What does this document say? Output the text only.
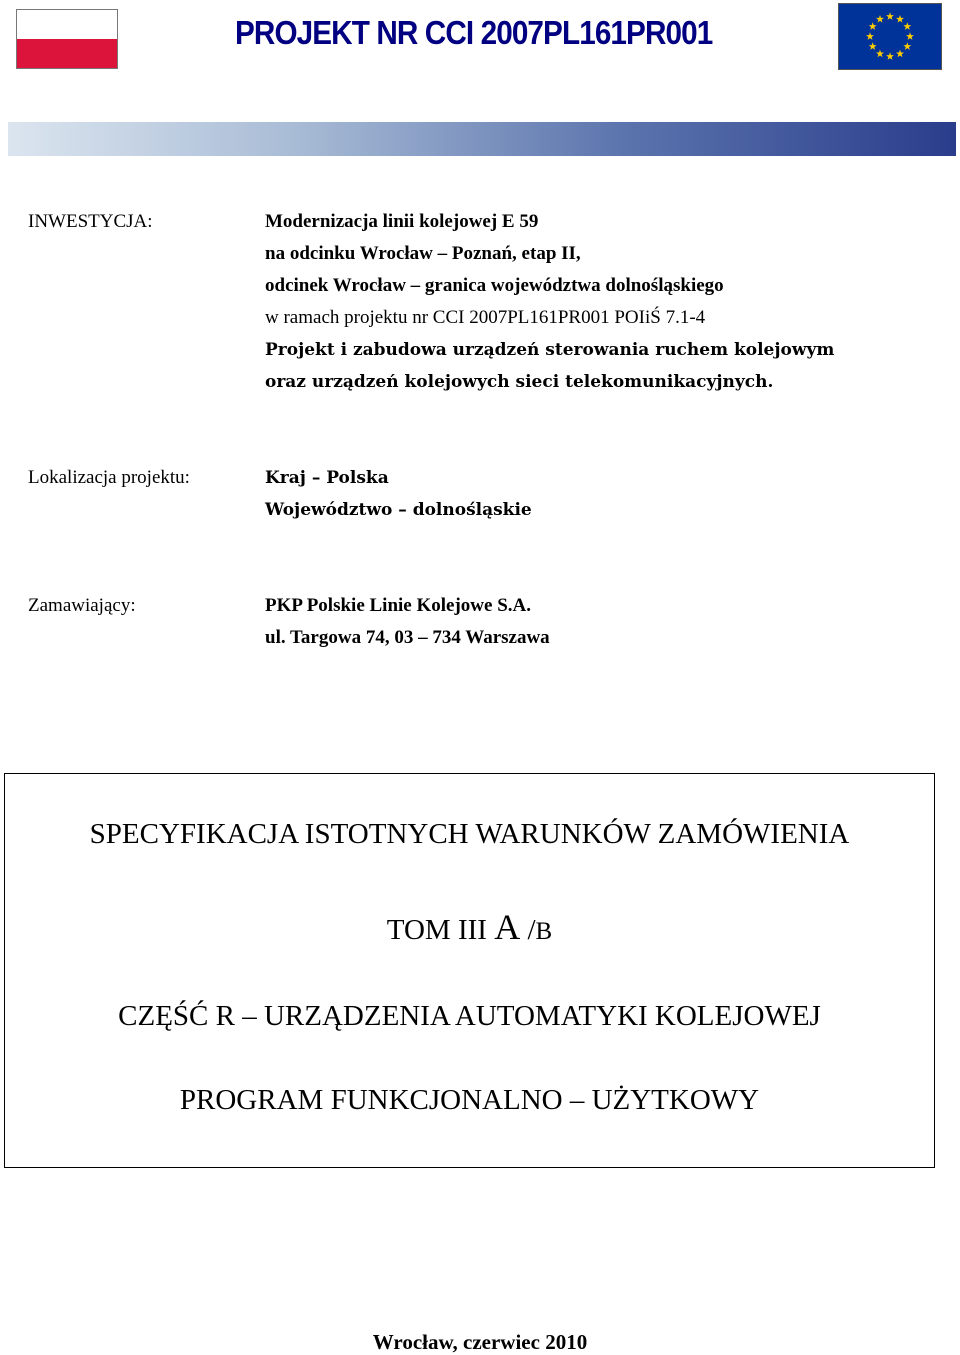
PROJEKT NR CCI 2007PL161PR001
INWESTYCJA:	Modernizacja linii kolejowej E 59
na odcinku Wrocław – Poznań, etap II,
odcinek Wrocław – granica województwa dolnośląskiego
w ramach projektu nr CCI 2007PL161PR001 POIiŚ 7.1-4
Projekt i zabudowa urządzeń sterowania ruchem kolejowym
oraz urządzeń kolejowych sieci telekomunikacyjnych.
Lokalizacja projektu:	Kraj – Polska
Województwo – dolnośląskie
Zamawiający:	PKP Polskie Linie Kolejowe S.A.
ul. Targowa 74, 03 – 734 Warszawa
SPECYFIKACJA ISTOTNYCH WARUNKÓW ZAMÓWIENIA
TOM III A /B
CZĘŚĆ R – URZĄDZENIA AUTOMATYKI KOLEJOWEJ
PROGRAM FUNKCJONALNO – UŻYTKOWY
Wrocław, czerwiec 2010
